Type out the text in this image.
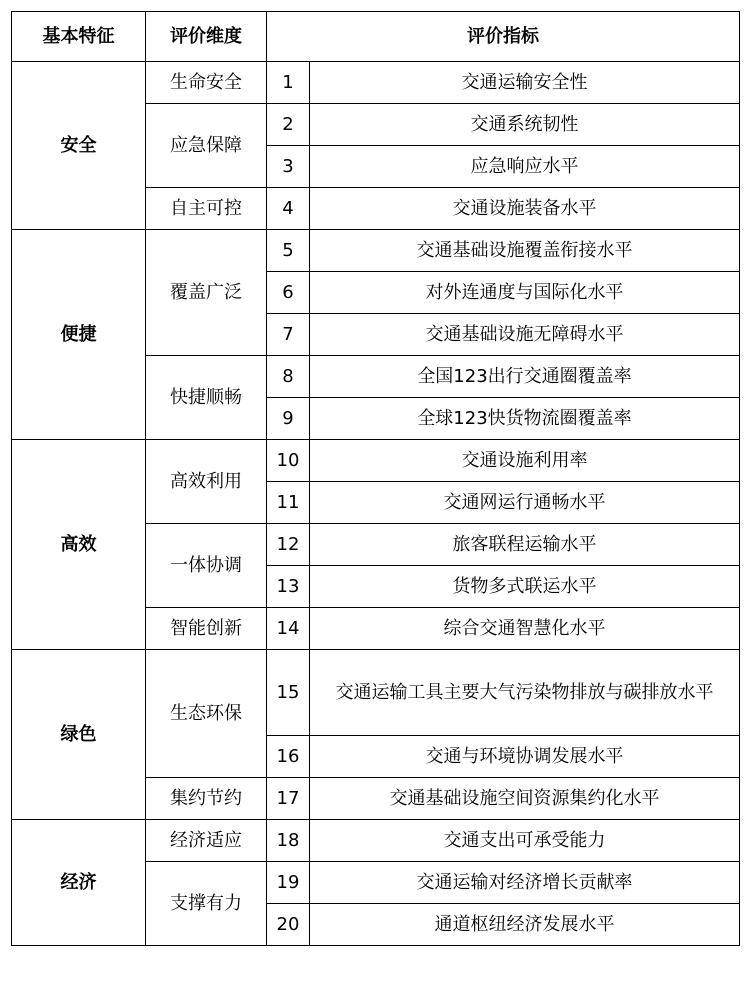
基本特征	评价维度	评价指标	
安全	生命安全	1	交通运输安全性
	应急保障	2	交通系统韧性
		3	应急响应水平
	自主可控	4	交通设施装备水平
便捷	覆盖广泛	5	交通基础设施覆盖衔接水平
		6	对外连通度与国际化水平
		7	交通基础设施无障碍水平
	快捷顺畅	8	全国123出行交通圈覆盖率
		9	全球123快货物流圈覆盖率
高效	高效利用	10	交通设施利用率
		11	交通网运行通畅水平
	一体协调	12	旅客联程运输水平
		13	货物多式联运水平
	智能创新	14	综合交通智慧化水平
绿色	生态环保	15	交通运输工具主要大气污染物排放与碳排放水平
		16	交通与环境协调发展水平
	集约节约	17	交通基础设施空间资源集约化水平
经济	经济适应	18	交通支出可承受能力
	支撑有力	19	交通运输对经济增长贡献率
		20	通道枢纽经济发展水平
